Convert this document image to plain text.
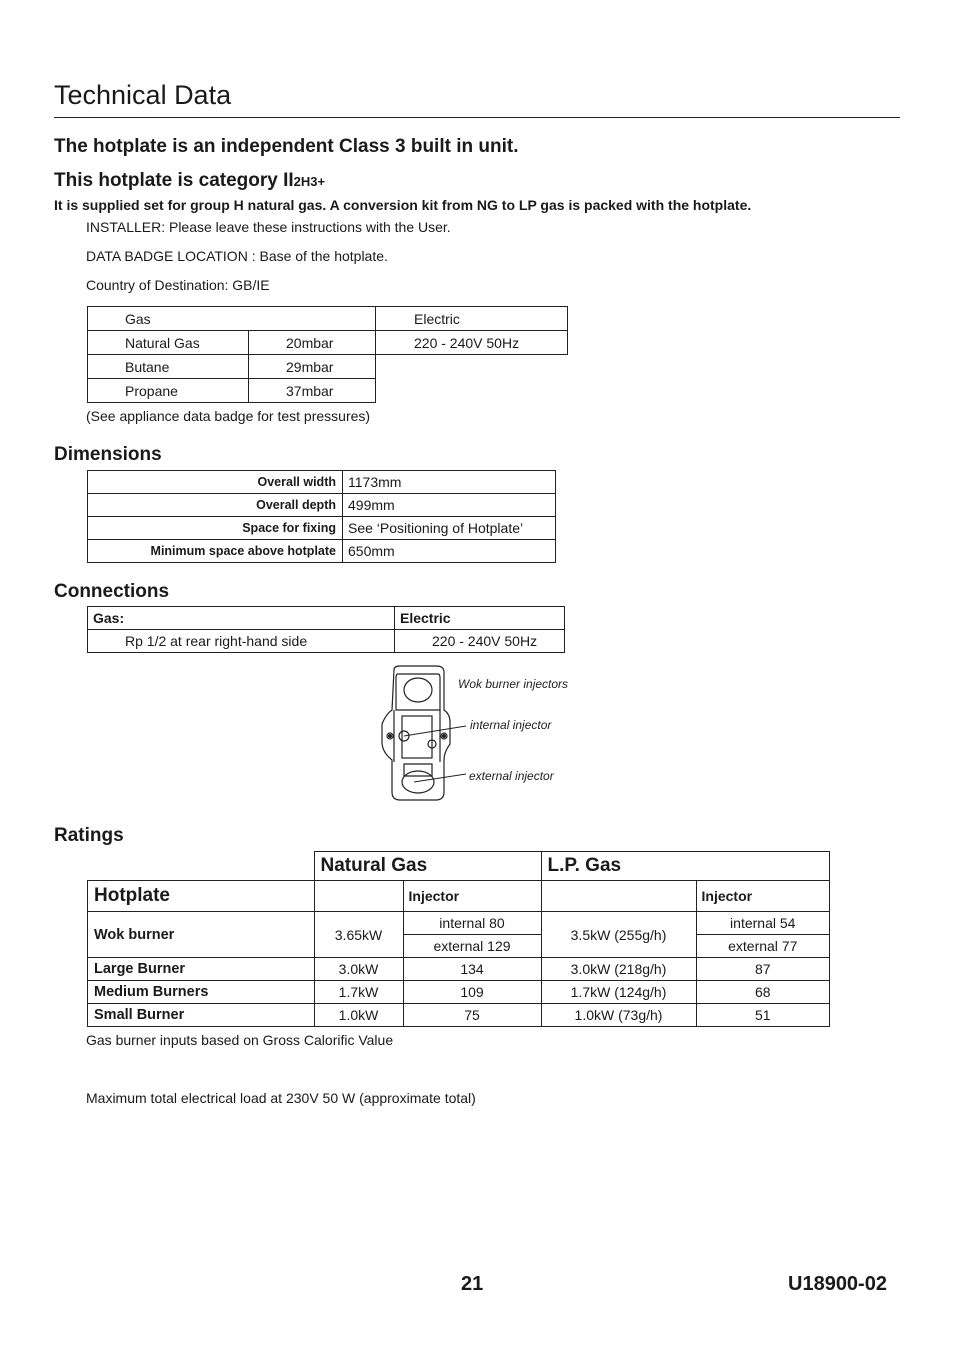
Technical Data
The hotplate is an independent Class 3 built in unit.
This hotplate is category II2H3+
It is supplied set for group H natural gas. A conversion kit from NG to LP gas is packed with the hotplate.
INSTALLER: Please leave these instructions with the User.
DATA BADGE LOCATION : Base of the hotplate.
Country of Destination: GB/IE
Gas		Electric
Natural Gas	20mbar	220 - 240V 50Hz
Butane	29mbar	
Propane	37mbar	
(See appliance data badge for test pressures)
Dimensions
Overall width	1173mm
Overall depth	499mm
Space for fixing	See ‘Positioning of Hotplate’
Minimum space above hotplate	650mm
Connections
Gas:	Electric
Rp 1/2 at rear right-hand side	220 - 240V 50Hz
Wok burner injectors
internal injector
external injector
Ratings
	Natural Gas		L.P. Gas	
Hotplate		Injector		Injector
Wok burner	3.65kW	internal 80	3.5kW (255g/h)	internal 54
		external 129		external 77
Large Burner	3.0kW	134	3.0kW (218g/h)	87
Medium Burners	1.7kW	109	1.7kW (124g/h)	68
Small Burner	1.0kW	75	1.0kW (73g/h)	51
Gas burner inputs based on Gross Calorific Value
Maximum total electrical load at 230V 50 W (approximate total)
21	U18900-02
